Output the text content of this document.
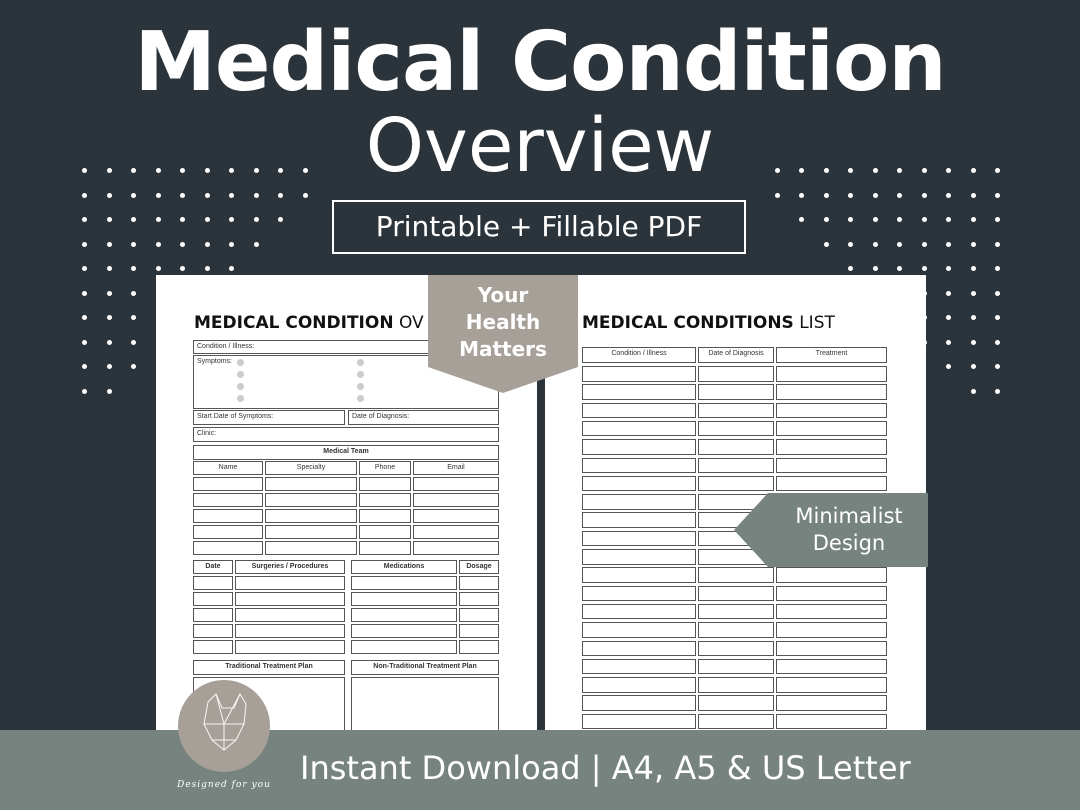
Medical Condition
Overview
Printable + Fillable PDF
MEDICAL CONDITION OV
Condition / Illness:
Symptoms:
Start Date of Symptoms:	Date of Diagnosis:
Clinic:
Medical Team
Name	Specialty	Phone	Email
Date	Surgeries / Procedures	Medications	Dosage
Traditional Treatment Plan	Non-Traditional Treatment Plan
MEDICAL CONDITIONS LIST
Condition / Illness	Date of Diagnosis	Treatment
Your
Health
Matters
Minimalist
Design
Instant Download | A4, A5 & US Letter
Designed for you
